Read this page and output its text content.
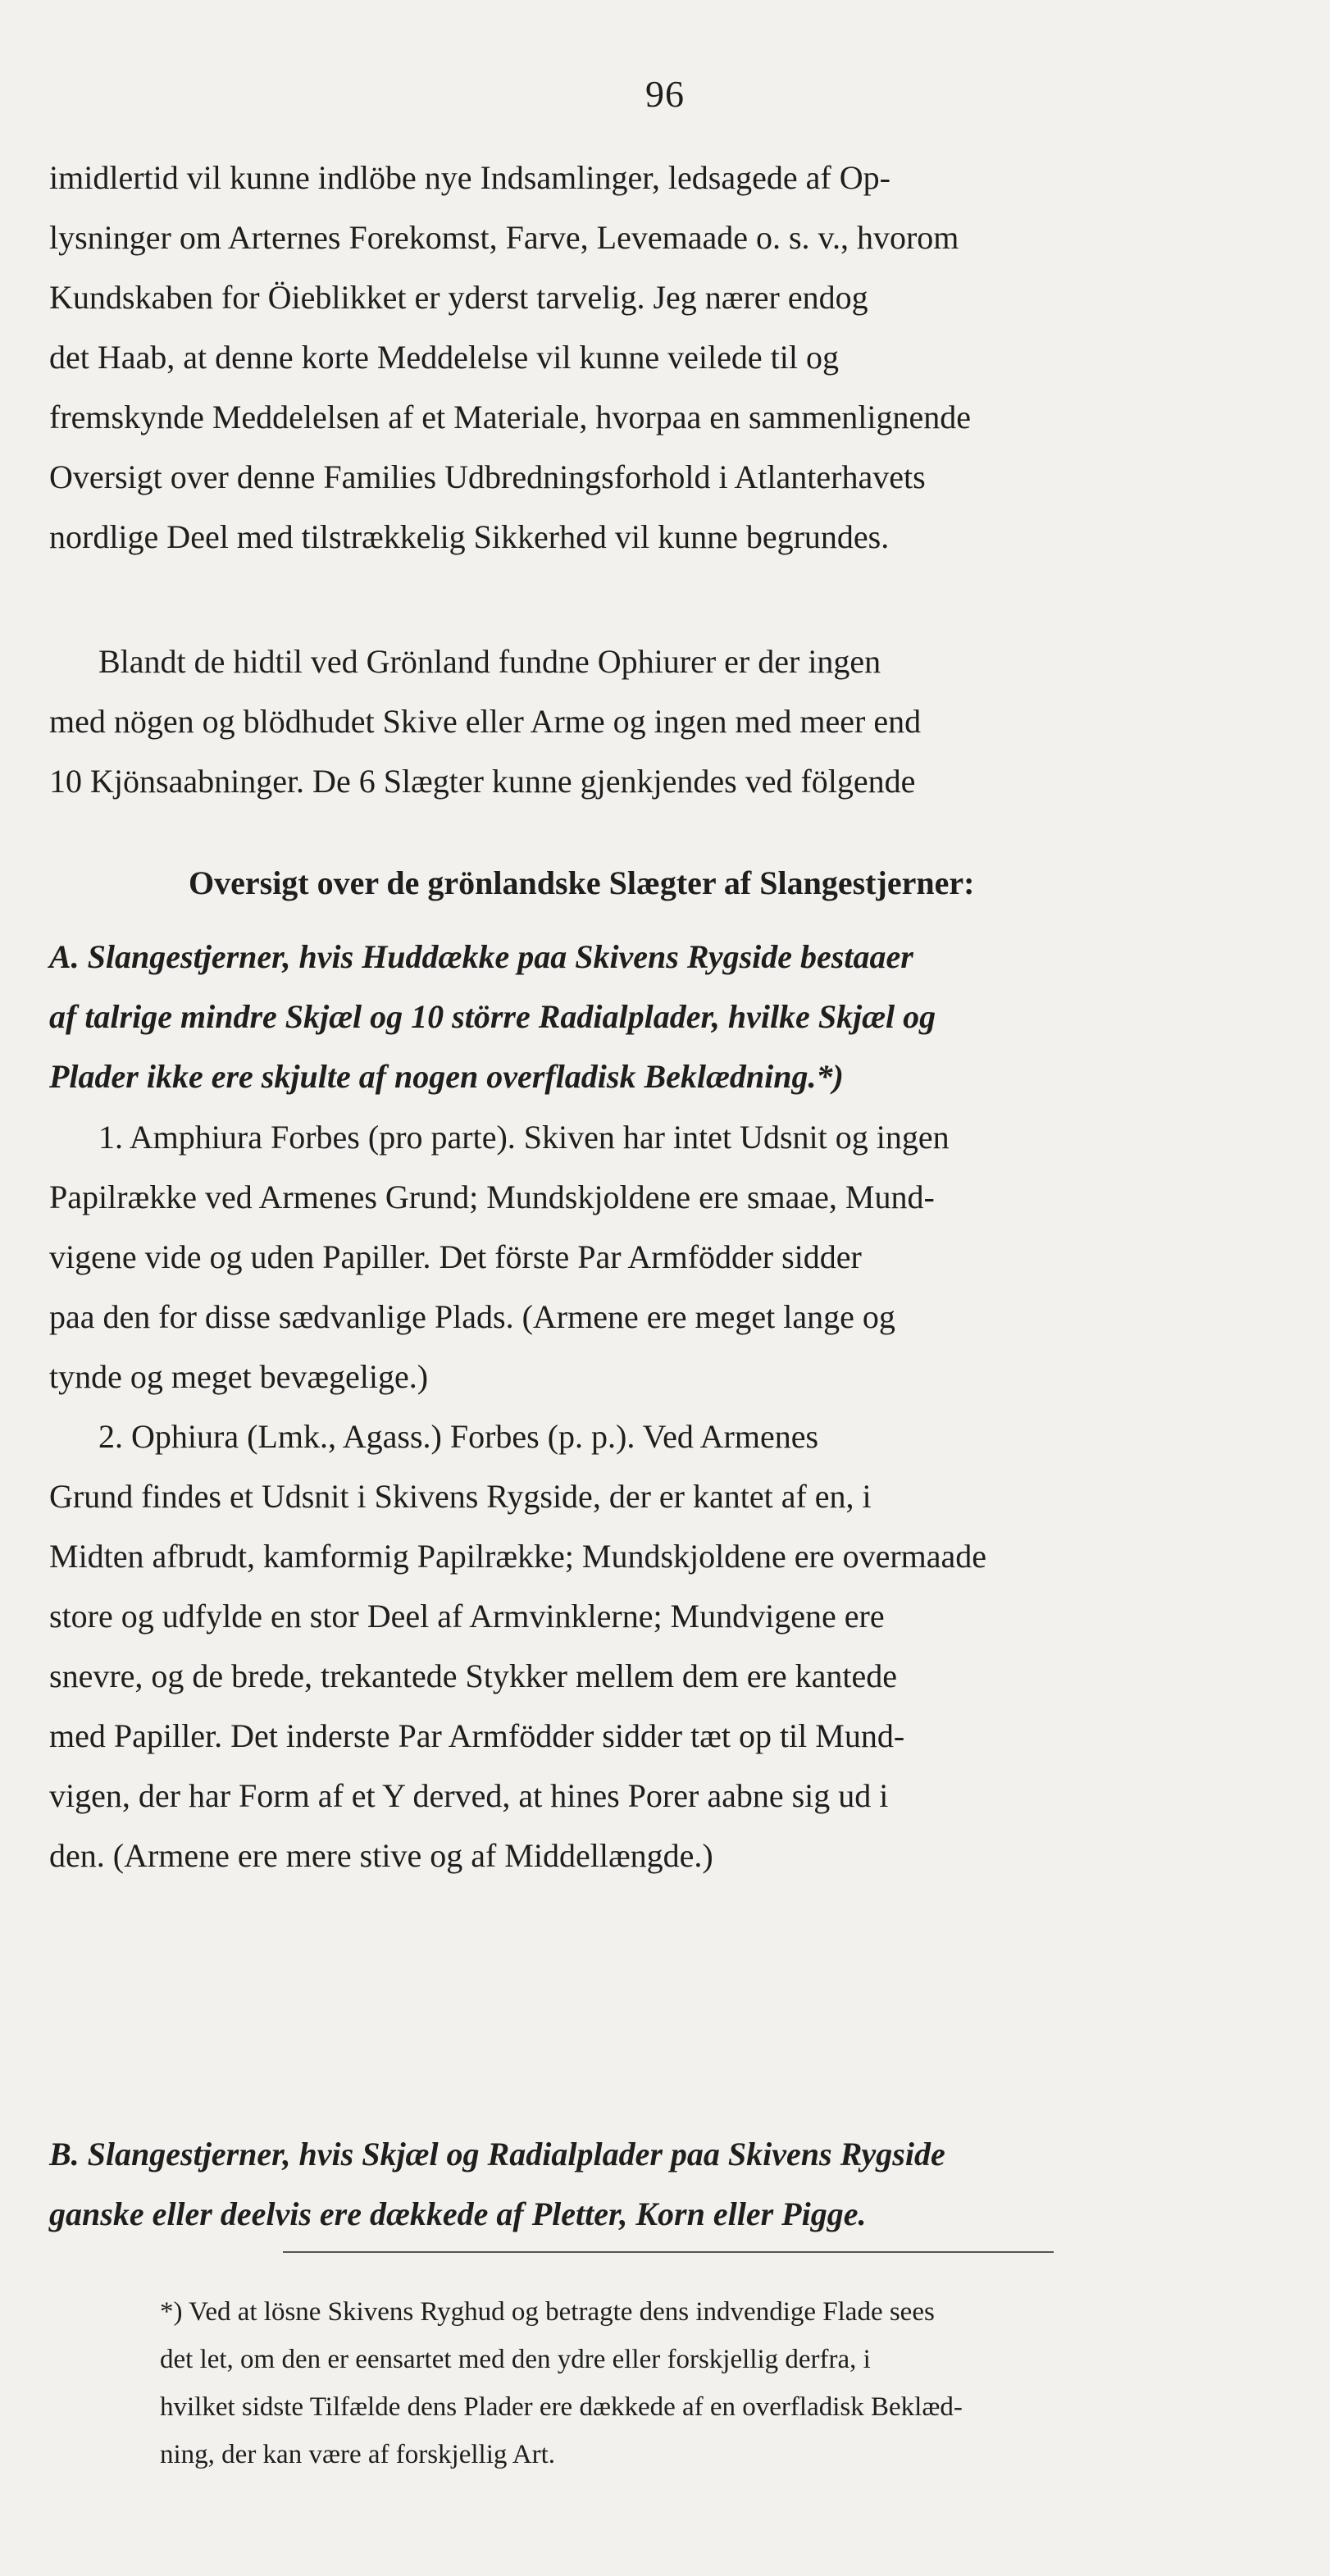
96
imidlertid vil kunne indlöbe nye Indsamlinger, ledsagede af Op-
lysninger om Arternes Forekomst, Farve, Levemaade o. s. v., hvorom
Kundskaben for Öieblikket er yderst tarvelig. Jeg nærer endog
det Haab, at denne korte Meddelelse vil kunne veilede til og
fremskynde Meddelelsen af et Materiale, hvorpaa en sammenlignende
Oversigt over denne Families Udbredningsforhold i Atlanterhavets
nordlige Deel med tilstrækkelig Sikkerhed vil kunne begrundes.
Blandt de hidtil ved Grönland fundne Ophiurer er der ingen
med nögen og blödhudet Skive eller Arme og ingen med meer end
10 Kjönsaabninger. De 6 Slægter kunne gjenkjendes ved fölgende
Oversigt over de grönlandske Slægter af Slangestjerner:
A. Slangestjerner, hvis Huddække paa Skivens Rygside bestaaer
af talrige mindre Skjæl og 10 större Radialplader, hvilke Skjæl og
Plader ikke ere skjulte af nogen overfladisk Beklædning.*)
1. Amphiura Forbes (pro parte). Skiven har intet Udsnit og ingen
Papilrække ved Armenes Grund; Mundskjoldene ere smaae, Mund-
vigene vide og uden Papiller. Det förste Par Armfödder sidder
paa den for disse sædvanlige Plads. (Armene ere meget lange og
tynde og meget bevægelige.)
2. Ophiura (Lmk., Agass.) Forbes (p. p.). Ved Armenes
Grund findes et Udsnit i Skivens Rygside, der er kantet af en, i
Midten afbrudt, kamformig Papilrække; Mundskjoldene ere overmaade
store og udfylde en stor Deel af Armvinklerne; Mundvigene ere
snevre, og de brede, trekantede Stykker mellem dem ere kantede
med Papiller. Det inderste Par Armfödder sidder tæt op til Mund-
vigen, der har Form af et Y derved, at hines Porer aabne sig ud i
den. (Armene ere mere stive og af Middellængde.)
B. Slangestjerner, hvis Skjæl og Radialplader paa Skivens Rygside
ganske eller deelvis ere dækkede af Pletter, Korn eller Pigge.
*) Ved at lösne Skivens Ryghud og betragte dens indvendige Flade sees
det let, om den er eensartet med den ydre eller forskjellig derfra, i
hvilket sidste Tilfælde dens Plader ere dækkede af en overfladisk Beklæd-
ning, der kan være af forskjellig Art.
